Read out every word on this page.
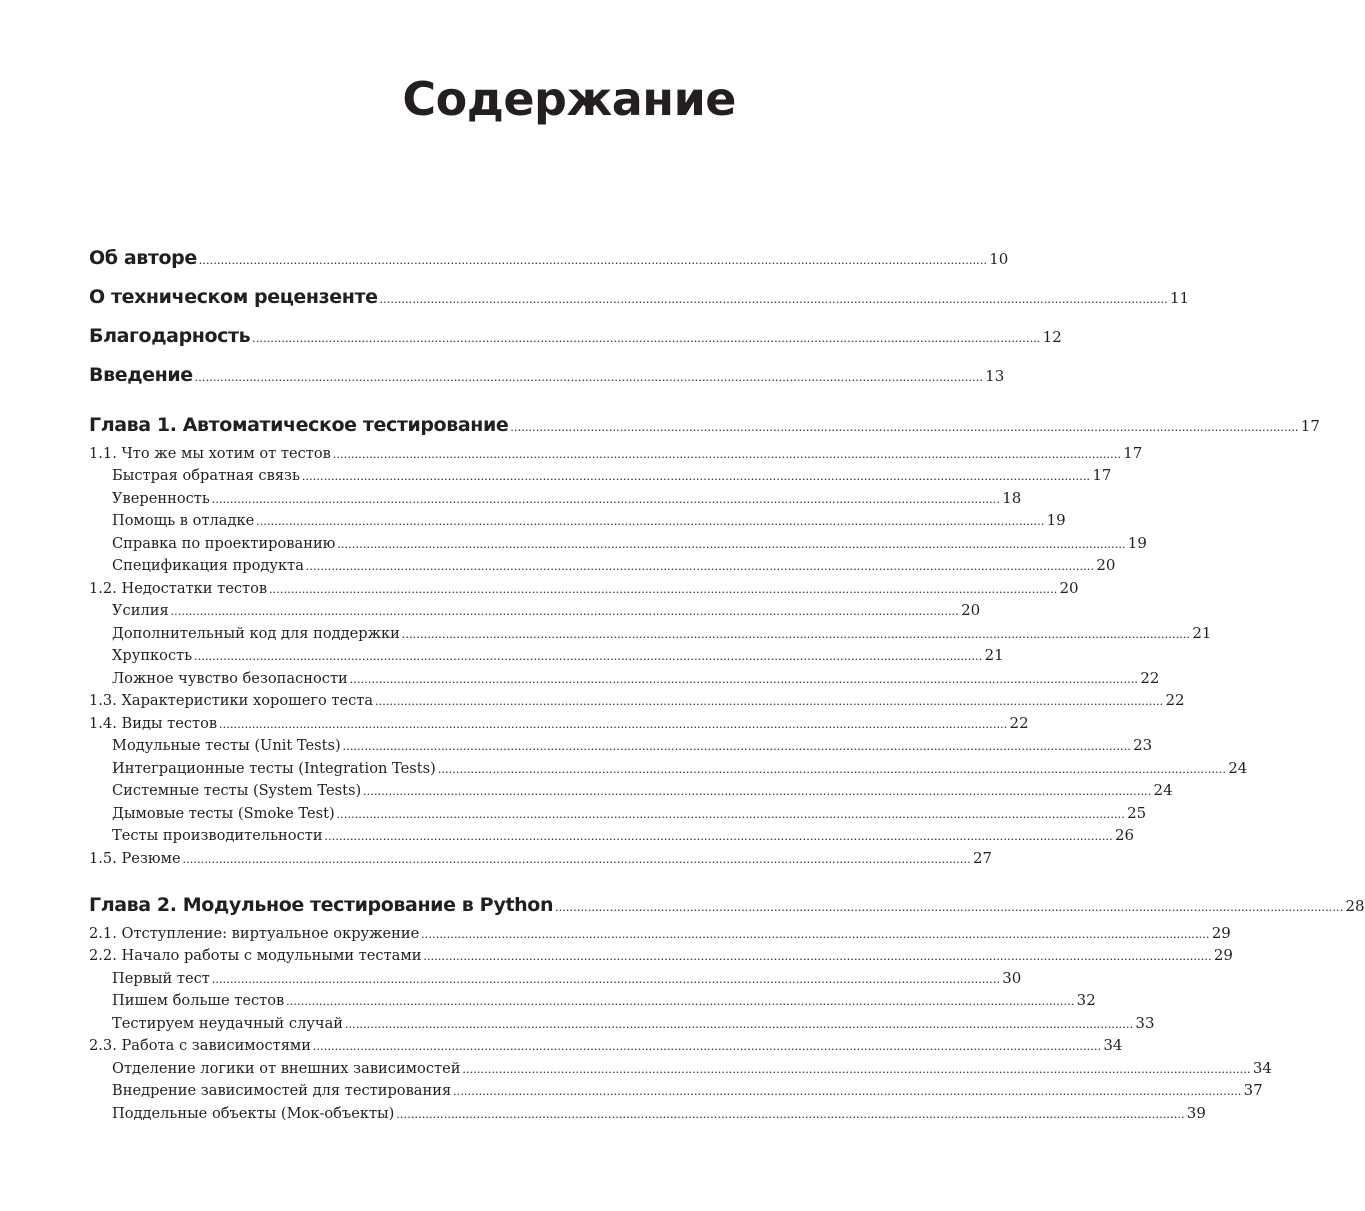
Содержание
Об авторе ........................................................................................................................................................................................................................ 10
О техническом рецензенте ........................................................................................................................................................................................................................ 11
Благодарность ........................................................................................................................................................................................................................ 12
Введение ........................................................................................................................................................................................................................ 13
Глава 1. Автоматическое тестирование ........................................................................................................................................................................................................................ 17
1.1. Что же мы хотим от тестов ........................................................................................................................................................................................................................ 17
Быстрая обратная связь ........................................................................................................................................................................................................................ 17
Уверенность ........................................................................................................................................................................................................................ 18
Помощь в отладке ........................................................................................................................................................................................................................ 19
Справка по проектированию ........................................................................................................................................................................................................................ 19
Спецификация продукта ........................................................................................................................................................................................................................ 20
1.2. Недостатки тестов ........................................................................................................................................................................................................................ 20
Усилия ........................................................................................................................................................................................................................ 20
Дополнительный код для поддержки ........................................................................................................................................................................................................................ 21
Хрупкость ........................................................................................................................................................................................................................ 21
Ложное чувство безопасности ........................................................................................................................................................................................................................ 22
1.3. Характеристики хорошего теста ........................................................................................................................................................................................................................ 22
1.4. Виды тестов ........................................................................................................................................................................................................................ 22
Модульные тесты (Unit Tests) ........................................................................................................................................................................................................................ 23
Интеграционные тесты (Integration Tests) ........................................................................................................................................................................................................................ 24
Системные тесты (System Tests) ........................................................................................................................................................................................................................ 24
Дымовые тесты (Smoke Test) ........................................................................................................................................................................................................................ 25
Тесты производительности ........................................................................................................................................................................................................................ 26
1.5. Резюме ........................................................................................................................................................................................................................ 27
Глава 2. Модульное тестирование в Python ........................................................................................................................................................................................................................ 28
2.1. Отступление: виртуальное окружение ........................................................................................................................................................................................................................ 29
2.2. Начало работы с модульными тестами ........................................................................................................................................................................................................................ 29
Первый тест ........................................................................................................................................................................................................................ 30
Пишем больше тестов ........................................................................................................................................................................................................................ 32
Тестируем неудачный случай ........................................................................................................................................................................................................................ 33
2.3. Работа с зависимостями ........................................................................................................................................................................................................................ 34
Отделение логики от внешних зависимостей ........................................................................................................................................................................................................................ 34
Внедрение зависимостей для тестирования ........................................................................................................................................................................................................................ 37
Поддельные объекты (Мок-объекты) ........................................................................................................................................................................................................................ 39
